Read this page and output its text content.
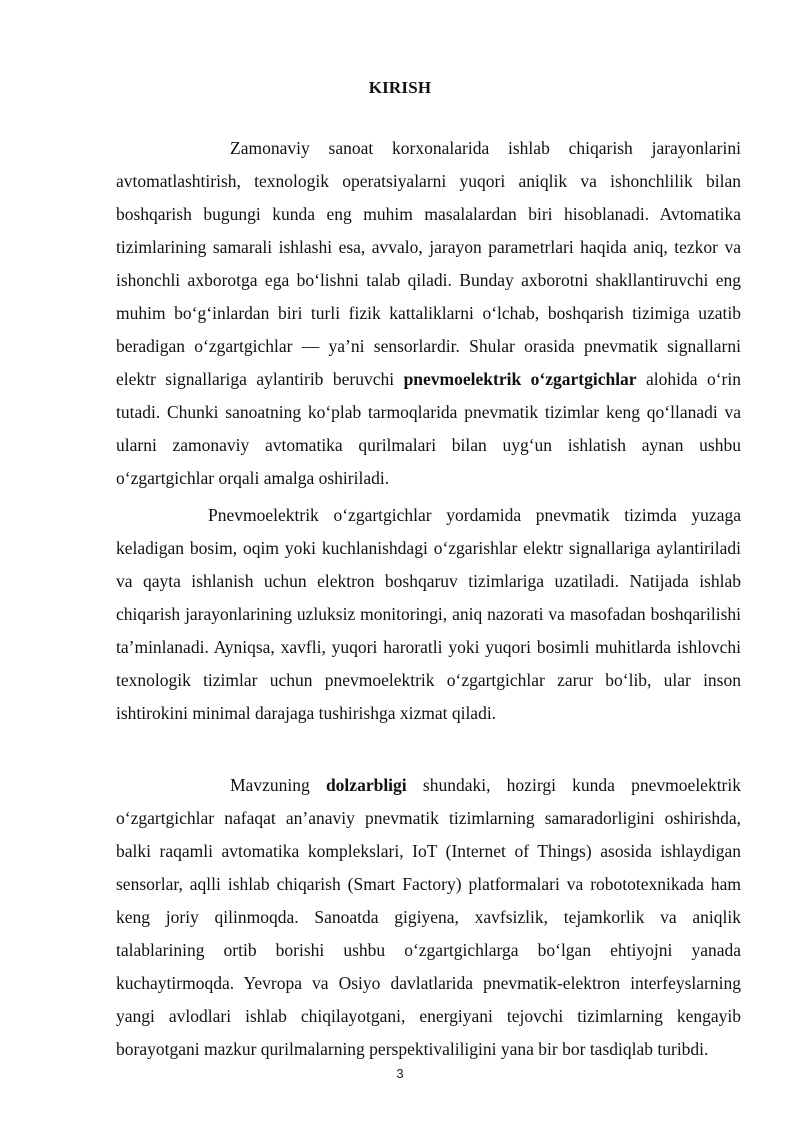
KIRISH

Zamonaviy sanoat korxonalarida ishlab chiqarish jarayonlarini avtomatlashtirish, texnologik operatsiyalarni yuqori aniqlik va ishonchlilik bilan boshqarish bugungi kunda eng muhim masalalardan biri hisoblanadi. Avtomatika tizimlarining samarali ishlashi esa, avvalo, jarayon parametrlari haqida aniq, tezkor va ishonchli axborotga ega bo‘lishni talab qiladi. Bunday axborotni shakllantiruvchi eng muhim bo‘g‘inlardan biri turli fizik kattaliklarni o‘lchab, boshqarish tizimiga uzatib beradigan o‘zgartgichlar — ya’ni sensorlardir. Shular orasida pnevmatik signallarni elektr signallariga aylantirib beruvchi pnevmoelektrik o‘zgartgichlar alohida o‘rin tutadi. Chunki sanoatning ko‘plab tarmoqlarida pnevmatik tizimlar keng qo‘llanadi va ularni zamonaviy avtomatika qurilmalari bilan uyg‘un ishlatish aynan ushbu o‘zgartgichlar orqali amalga oshiriladi.

Pnevmoelektrik o‘zgartgichlar yordamida pnevmatik tizimda yuzaga keladigan bosim, oqim yoki kuchlanishdagi o‘zgarishlar elektr signallariga aylantiriladi va qayta ishlanish uchun elektron boshqaruv tizimlariga uzatiladi. Natijada ishlab chiqarish jarayonlarining uzluksiz monitoringi, aniq nazorati va masofadan boshqarilishi ta’minlanadi. Ayniqsa, xavfli, yuqori haroratli yoki yuqori bosimli muhitlarda ishlovchi texnologik tizimlar uchun pnevmoelektrik o‘zgartgichlar zarur bo‘lib, ular inson ishtirokini minimal darajaga tushirishga xizmat qiladi.

Mavzuning dolzarbligi shundaki, hozirgi kunda pnevmoelektrik o‘zgartgichlar nafaqat an’anaviy pnevmatik tizimlarning samaradorligini oshirishda, balki raqamli avtomatika komplekslari, IoT (Internet of Things) asosida ishlaydigan sensorlar, aqlli ishlab chiqarish (Smart Factory) platformalari va robototexnikada ham keng joriy qilinmoqda. Sanoatda gigiyena, xavfsizlik, tejamkorlik va aniqlik talablarining ortib borishi ushbu o‘zgartgichlarga bo‘lgan ehtiyojni yanada kuchaytirmoqda. Yevropa va Osiyo davlatlarida pnevmatik-elektron interfeyslarning yangi avlodlari ishlab chiqilayotgani, energiyani tejovchi tizimlarning kengayib borayotgani mazkur qurilmalarning perspektivaliligini yana bir bor tasdiqlab turibdi.

3
